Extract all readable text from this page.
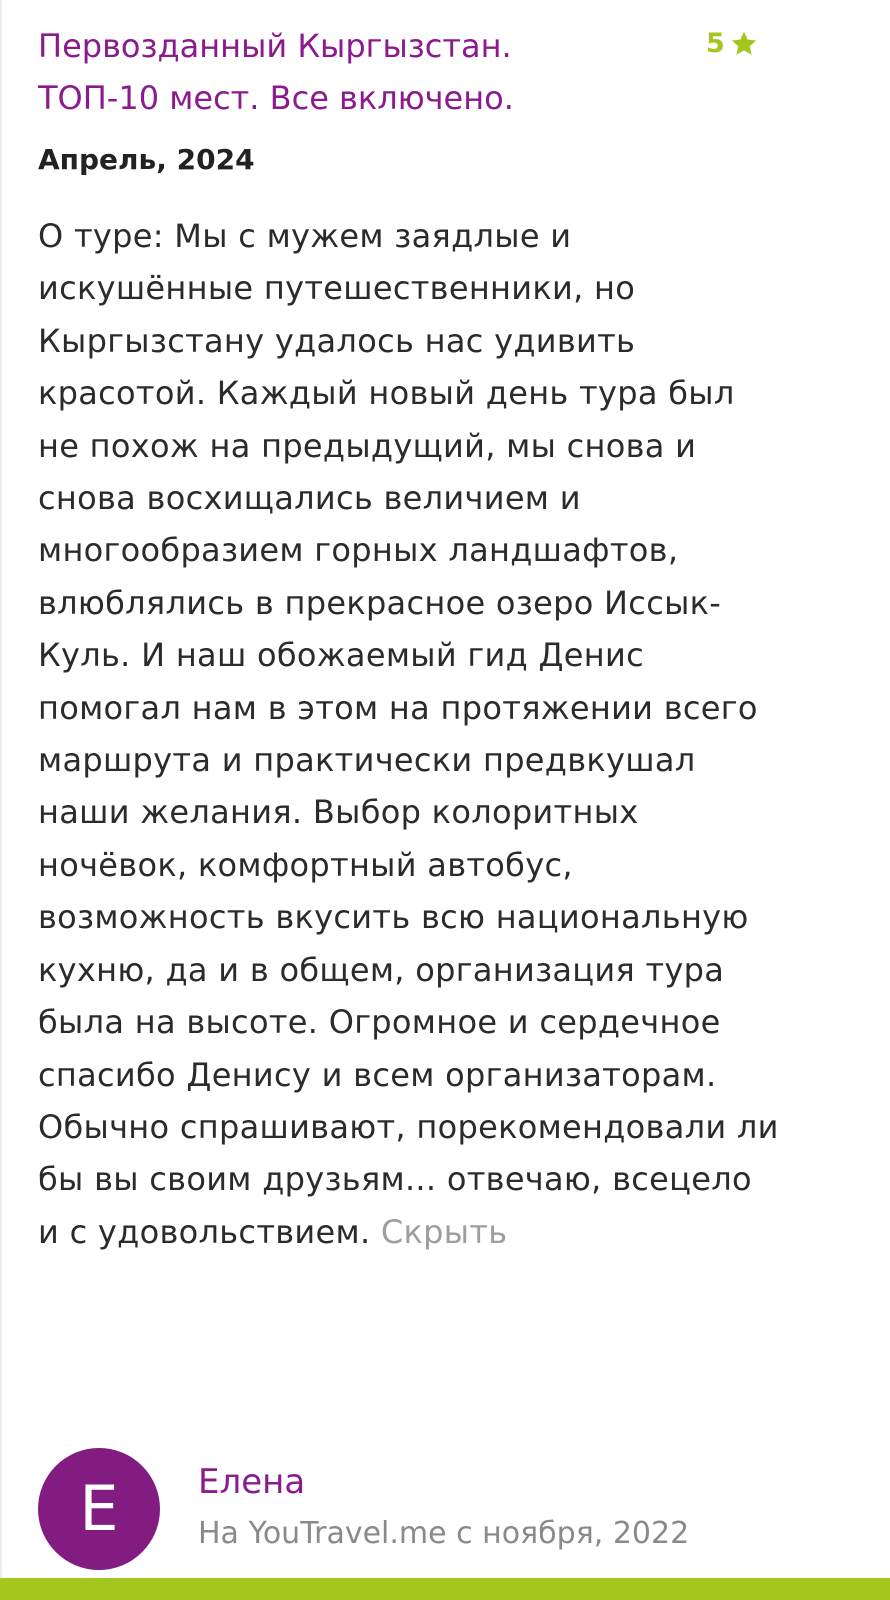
Первозданный Кыргызстан. ТОП-10 мест. Все включено.
5
Апрель, 2024
О туре: Мы с мужем заядлые и искушённые путешественники, но Кыргызстану удалось нас удивить красотой. Каждый новый день тура был не похож на предыдущий, мы снова и снова восхищались величием и многообразием горных ландшафтов, влюблялись в прекрасное озеро Иссык-Куль. И наш обожаемый гид Денис помогал нам в этом на протяжении всего маршрута и практически предвкушал наши желания. Выбор колоритных ночёвок, комфортный автобус, возможность вкусить всю национальную кухню, да и в общем, организация тура была на высоте. Огромное и сердечное спасибо Денису и всем организаторам. Обычно спрашивают, порекомендовали ли бы вы своим друзьям... отвечаю, всецело и с удовольствием. Скрыть
Е	Елена
На YouTravel.me с ноября, 2022
